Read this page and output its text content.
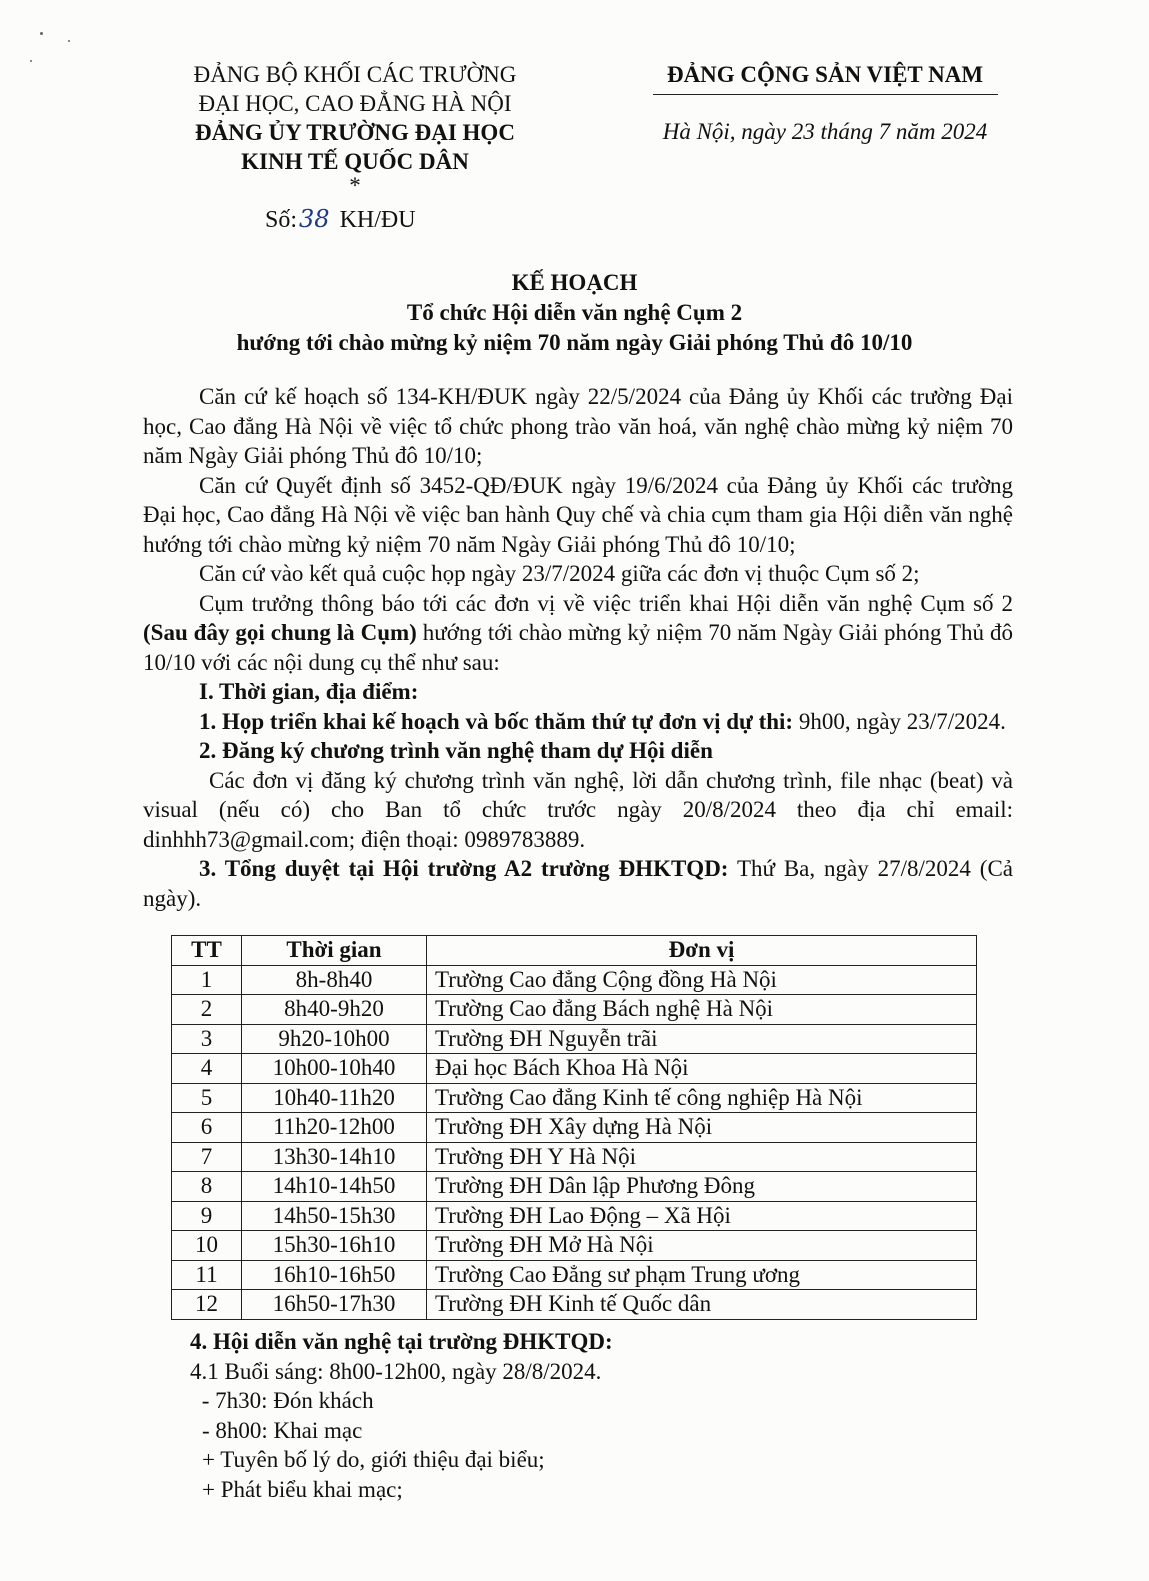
ĐẢNG BỘ KHỐI CÁC TRƯỜNG
ĐẠI HỌC, CAO ĐẲNG HÀ NỘI
ĐẢNG ỦY TRƯỜNG ĐẠI HỌC
KINH TẾ QUỐC DÂN
*
Số:38 KH/ĐU
ĐẢNG CỘNG SẢN VIỆT NAM
Hà Nội, ngày 23 tháng 7 năm 2024
KẾ HOẠCH
Tổ chức Hội diễn văn nghệ Cụm 2
hướng tới chào mừng kỷ niệm 70 năm ngày Giải phóng Thủ đô 10/10

Căn cứ kế hoạch số 134-KH/ĐUK ngày 22/5/2024 của Đảng ủy Khối các trường Đại học, Cao đẳng Hà Nội về việc tổ chức phong trào văn hoá, văn nghệ chào mừng kỷ niệm 70 năm Ngày Giải phóng Thủ đô 10/10;

Căn cứ Quyết định số 3452-QĐ/ĐUK ngày 19/6/2024 của Đảng ủy Khối các trường Đại học, Cao đẳng Hà Nội về việc ban hành Quy chế và chia cụm tham gia Hội diễn văn nghệ hướng tới chào mừng kỷ niệm 70 năm Ngày Giải phóng Thủ đô 10/10;

Căn cứ vào kết quả cuộc họp ngày 23/7/2024 giữa các đơn vị thuộc Cụm số 2;

Cụm trưởng thông báo tới các đơn vị về việc triển khai Hội diễn văn nghệ Cụm số 2 (Sau đây gọi chung là Cụm) hướng tới chào mừng kỷ niệm 70 năm Ngày Giải phóng Thủ đô 10/10 với các nội dung cụ thể như sau:

I. Thời gian, địa điểm:

1. Họp triển khai kế hoạch và bốc thăm thứ tự đơn vị dự thi: 9h00, ngày 23/7/2024.

2. Đăng ký chương trình văn nghệ tham dự Hội diễn

Các đơn vị đăng ký chương trình văn nghệ, lời dẫn chương trình, file nhạc (beat) và visual (nếu có) cho Ban tổ chức trước ngày 20/8/2024 theo địa chỉ email: dinhhh73@gmail.com; điện thoại: 0989783889.

3. Tổng duyệt tại Hội trường A2 trường ĐHKTQD: Thứ Ba, ngày 27/8/2024 (Cả ngày).

TT	Thời gian	Đơn vị
1	8h-8h40	Trường Cao đẳng Cộng đồng Hà Nội
2	8h40-9h20	Trường Cao đẳng Bách nghệ Hà Nội
3	9h20-10h00	Trường ĐH Nguyễn trãi
4	10h00-10h40	Đại học Bách Khoa Hà Nội
5	10h40-11h20	Trường Cao đẳng Kinh tế công nghiệp Hà Nội
6	11h20-12h00	Trường ĐH Xây dựng Hà Nội
7	13h30-14h10	Trường ĐH Y Hà Nội
8	14h10-14h50	Trường ĐH Dân lập Phương Đông
9	14h50-15h30	Trường ĐH Lao Động – Xã Hội
10	15h30-16h10	Trường ĐH Mở Hà Nội
11	16h10-16h50	Trường Cao Đẳng sư phạm Trung ương
12	16h50-17h30	Trường ĐH Kinh tế Quốc dân

4. Hội diễn văn nghệ tại trường ĐHKTQD:

4.1 Buổi sáng: 8h00-12h00, ngày 28/8/2024.

- 7h30: Đón khách

- 8h00: Khai mạc

+ Tuyên bố lý do, giới thiệu đại biểu;

+ Phát biểu khai mạc;
